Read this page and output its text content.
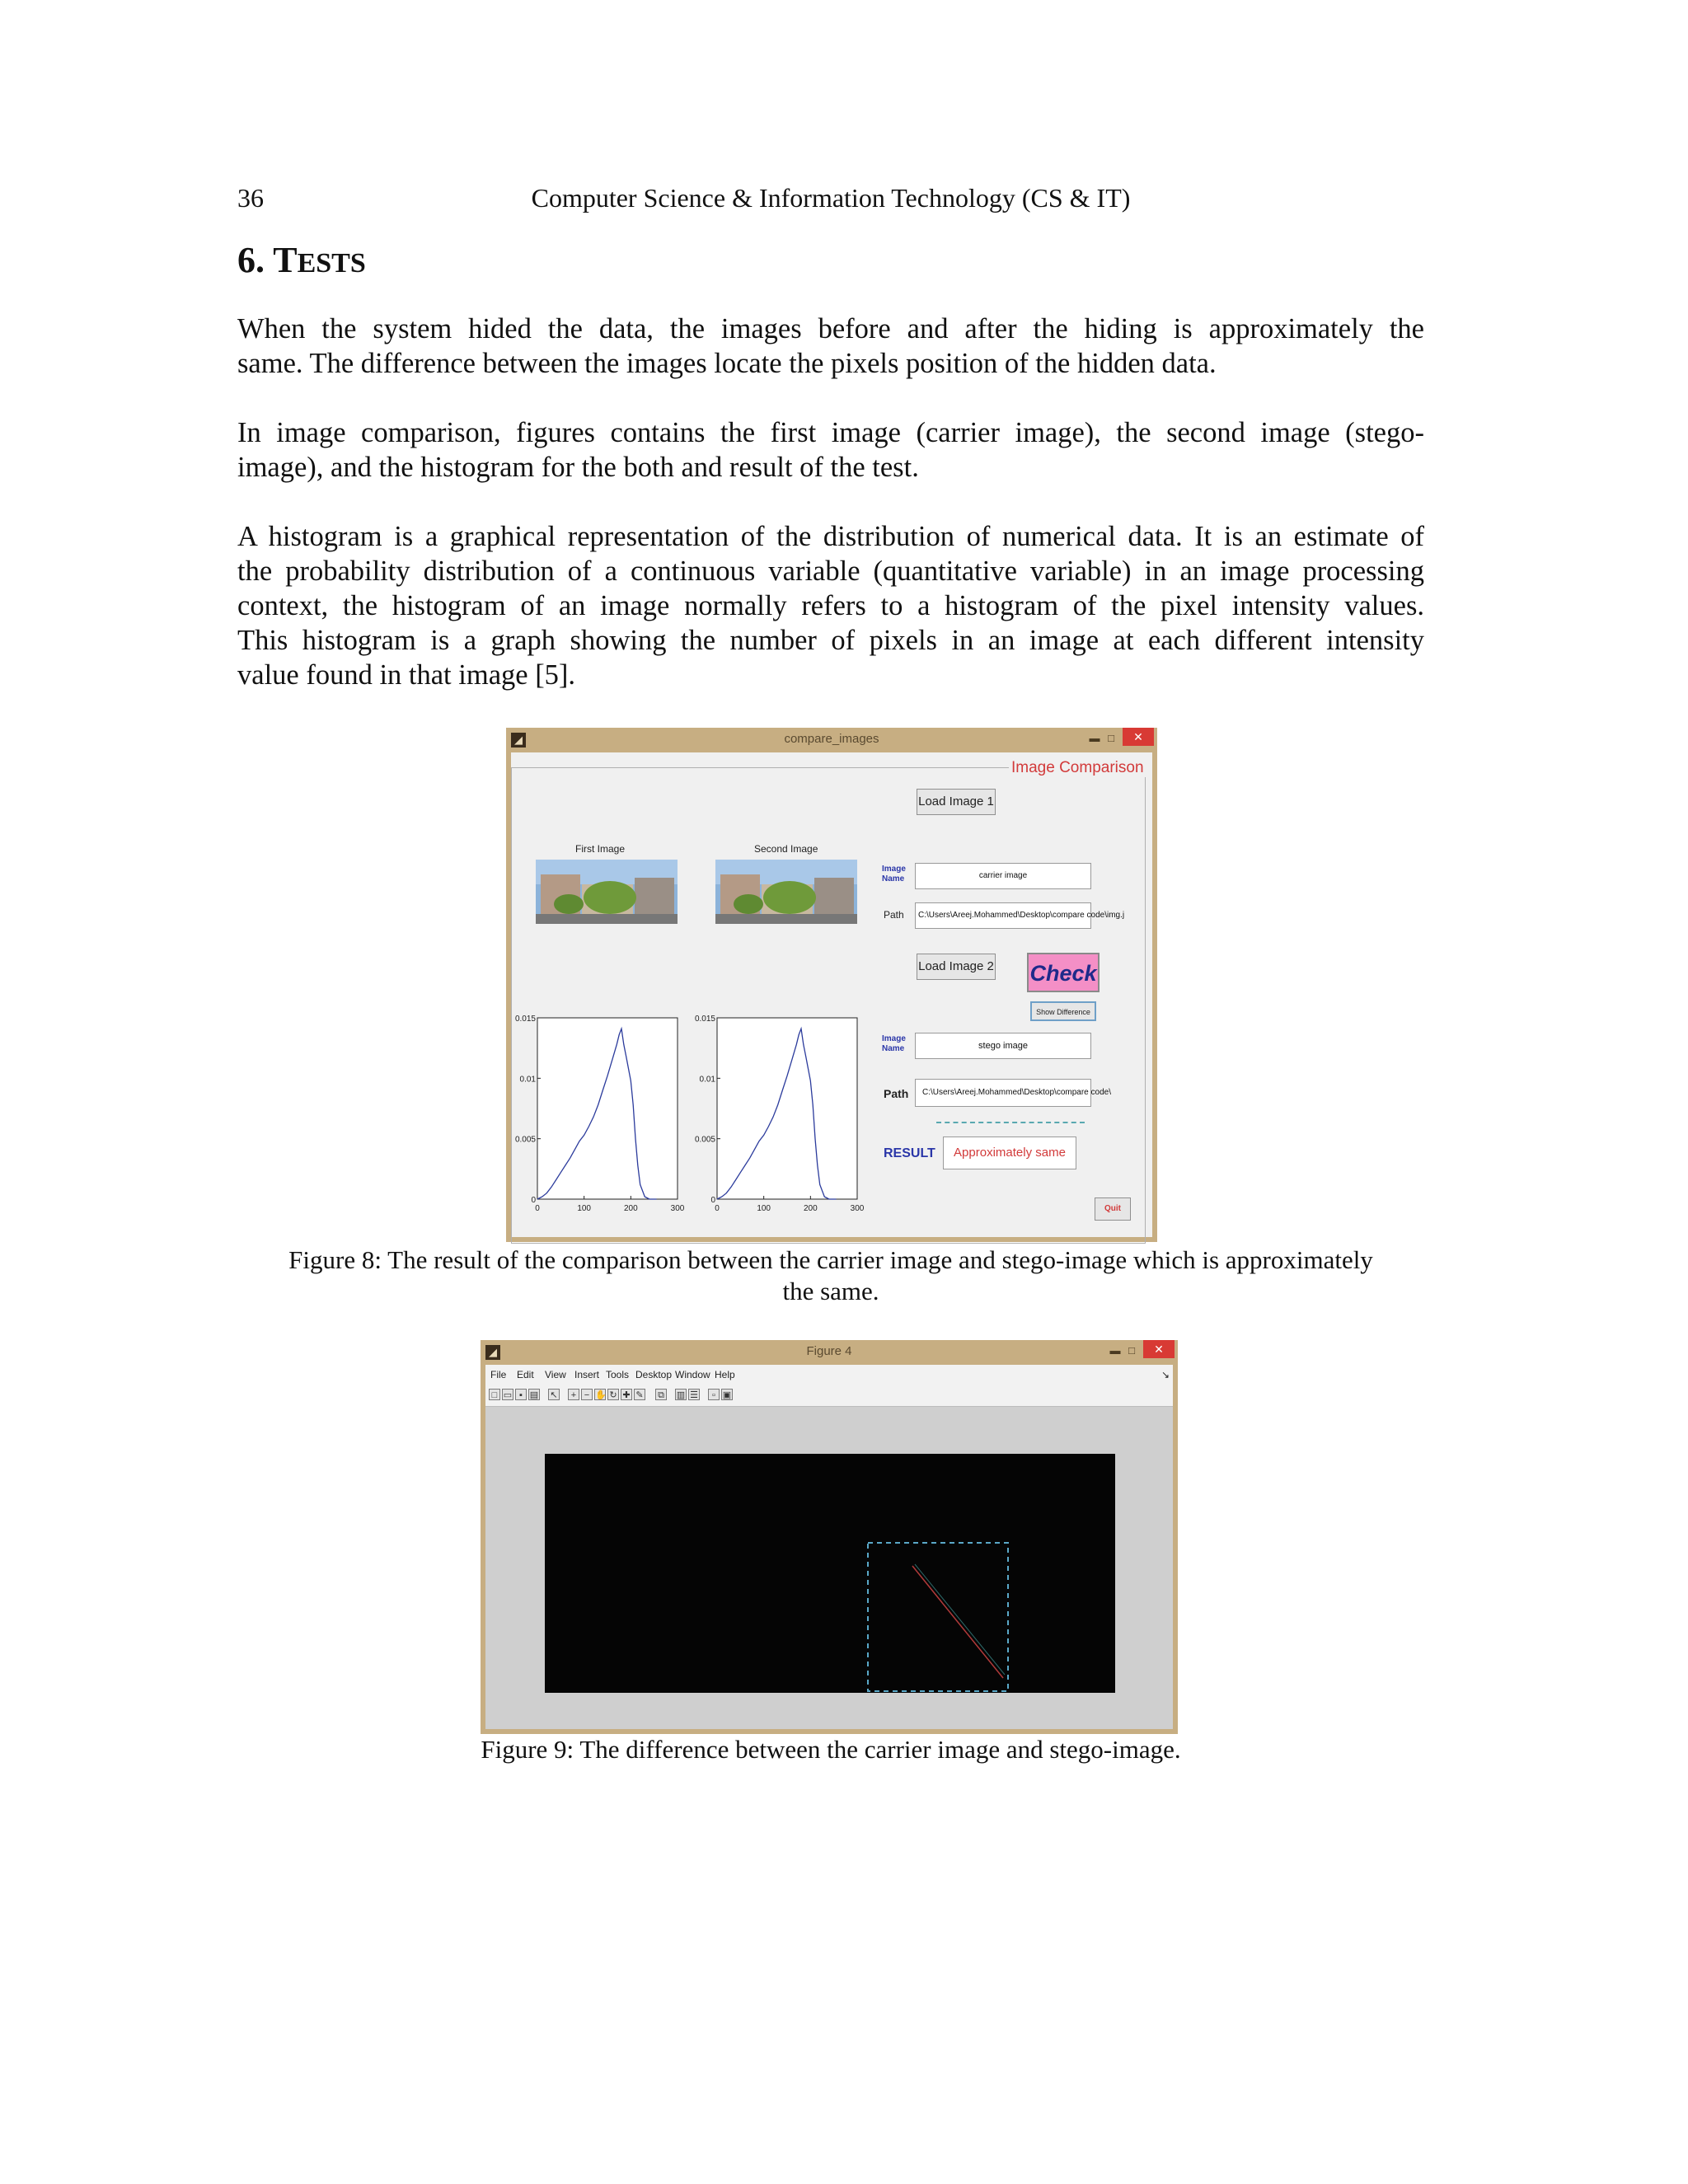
36	Computer Science & Information Technology (CS & IT)
6. TESTS
When the system hided the data, the images before and after the hiding is approximately the
same. The difference between the images locate the pixels position of the hidden data.
In image comparison, figures contains the first image (carrier image), the second image (stego-
image), and the histogram for the both and result of the test.
A histogram is a graphical representation of the distribution of numerical data. It is an estimate of
the probability distribution of a continuous variable (quantitative variable) in an image processing
context, the histogram of an image normally refers to a histogram of the pixel intensity values.
This histogram is a graph showing the number of pixels in an image at each different intensity
value found in that image [5].
◢	compare_images	▬ □	✕
Image Comparison
Load Image 1
First Image	Second Image
Image
Name	carrier image
Path	C:\Users\Areej.Mohammed\Desktop\compare code\img.j
Load Image 2 Check
Show Difference
Image
Name	stego image
Path	C:\Users\Areej.Mohammed\Desktop\compare code\
RESULT	Approximately same
Quit
0
0.005
0.01
0.015
0	100	200	300
0
0.005
0.01
0.015
0	100	200	300
Figure 8: The result of the comparison between the carrier image and stego-image which is approximately
the same.
◢	Figure 4	▬ □	✕
File Edit View Insert Tools Desktop Window Help	↘
□ ▭ ▪ ▤ ↖	+ − ✋ ↻ ✚ ✎ ⧉ ▥ ☰	▫ ▣
Figure 9: The difference between the carrier image and stego-image.
